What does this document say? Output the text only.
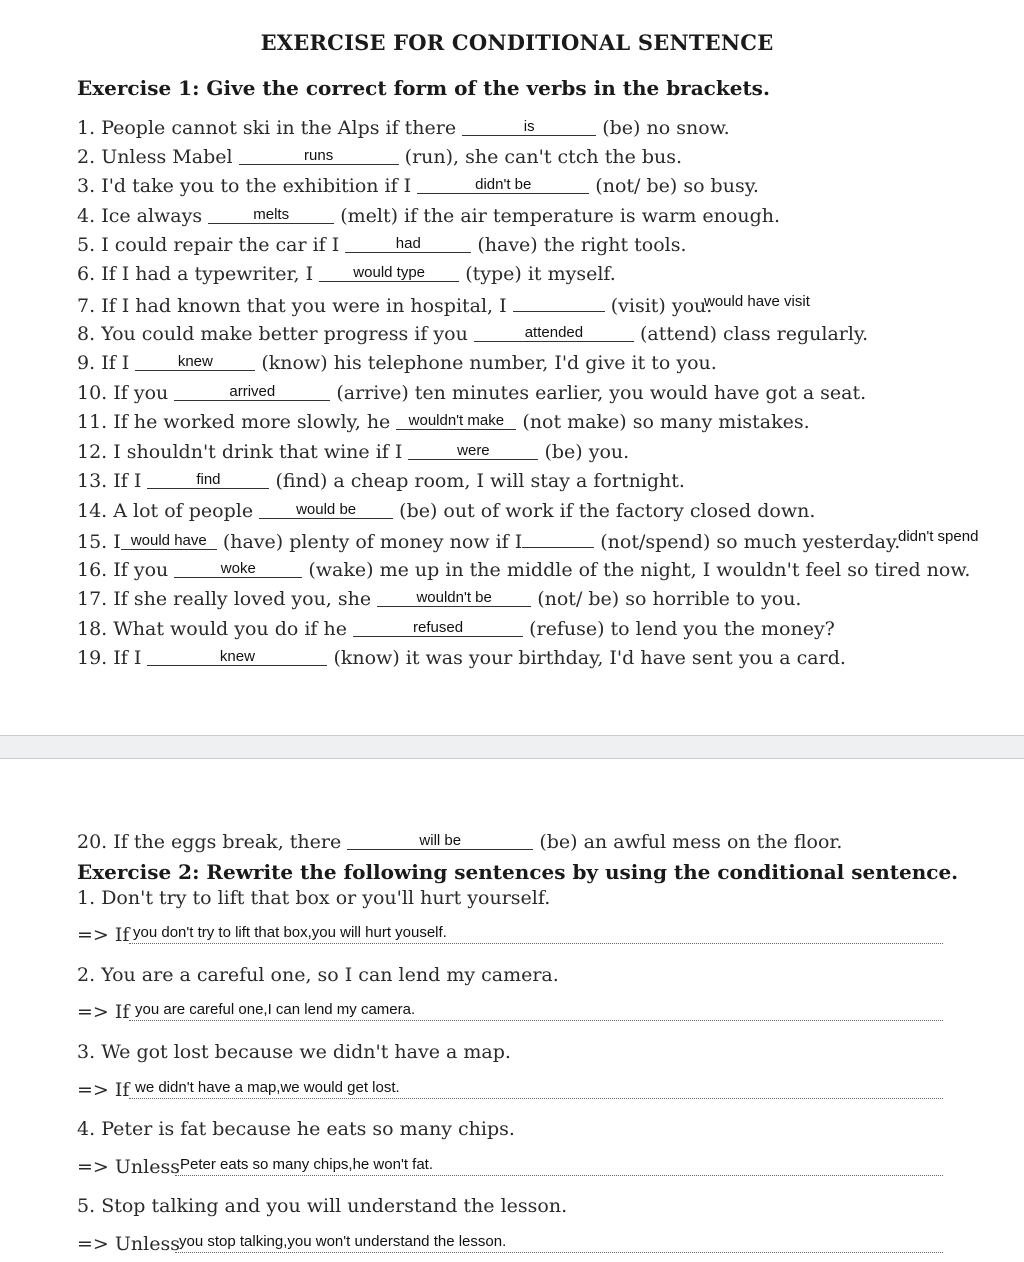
EXERCISE FOR CONDITIONAL SENTENCE
Exercise 1: Give the correct form of the verbs in the brackets.
1. People cannot ski in the Alps if there	is	(be) no snow.
2. Unless Mabel	runs	(run), she can't ctch the bus.
3. I'd take you to the exhibition if I	didn't be	(not/ be) so busy.
4. Ice always	melts	(melt) if the air temperature is warm enough.
5. I could repair the car if I	had	(have) the right tools.
6. If I had a typewriter, I	would type (type) it myself.
7. If I had known that you were in hospital, I	(visit) you.
would have visit
8. You could make better progress if you	attended	(attend) class regularly.
9. If I	knew	(know) his telephone number, I'd give it to you.
10. If you	arrived	(arrive) ten minutes earlier, you would have got a seat.
11. If he worked more slowly, he wouldn't make (not make) so many mistakes.
12. I shouldn't drink that wine if I	were	(be) you.
13. If I	find	(find) a cheap room, I will stay a fortnight.
14. A lot of people	would be (be) out of work if the factory closed down.
15. I would have (have) plenty of money now if I	(not/spend) so much yesterday.
didn't spend
16. If you	woke	(wake) me up in the middle of the night, I wouldn't feel so tired now.
17. If she really loved you, she	wouldn't be (not/ be) so horrible to you.
18. What would you do if he	refused	(refuse) to lend you the money?
19. If I	knew	(know) it was your birthday, I'd have sent you a card.
20. If the eggs break, there	will be	(be) an awful mess on the floor.
Exercise 2: Rewrite the following sentences by using the conditional sentence.
1. Don't try to lift that box or you'll hurt yourself.
=> If you don't try to lift that box,you will hurt youself.
2. You are a careful one, so I can lend my camera.
=> If you are careful one,I can lend my camera.
3. We got lost because we didn't have a map.
=> If we didn't have a map,we would get lost.
4. Peter is fat because he eats so many chips.
=> Unless Peter eats so many chips,he won't fat.
5. Stop talking and you will understand the lesson.
=> Unless you stop talking,you won't understand the lesson.
